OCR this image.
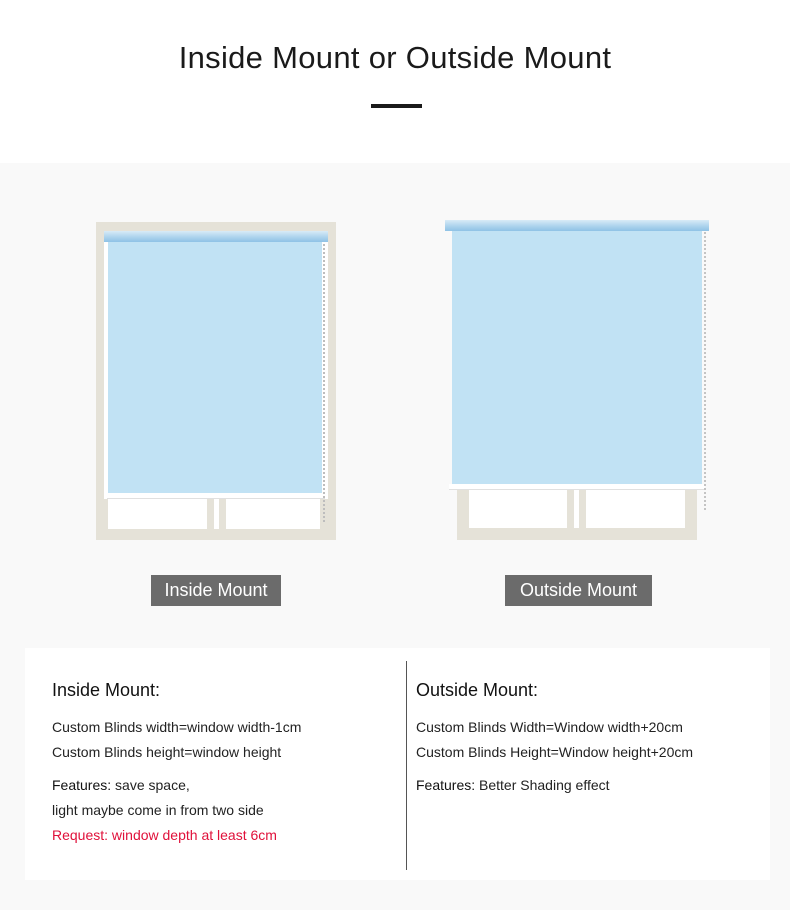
Inside Mount or Outside Mount
Inside Mount	Outside Mount
Inside Mount:

Custom Blinds width=window width-1cm

Custom Blinds height=window height

Features: save space,

light maybe come in from two side

Request: window depth at least 6cm

Outside Mount:

Custom Blinds Width=Window width+20cm

Custom Blinds Height=Window height+20cm

Features: Better Shading effect
